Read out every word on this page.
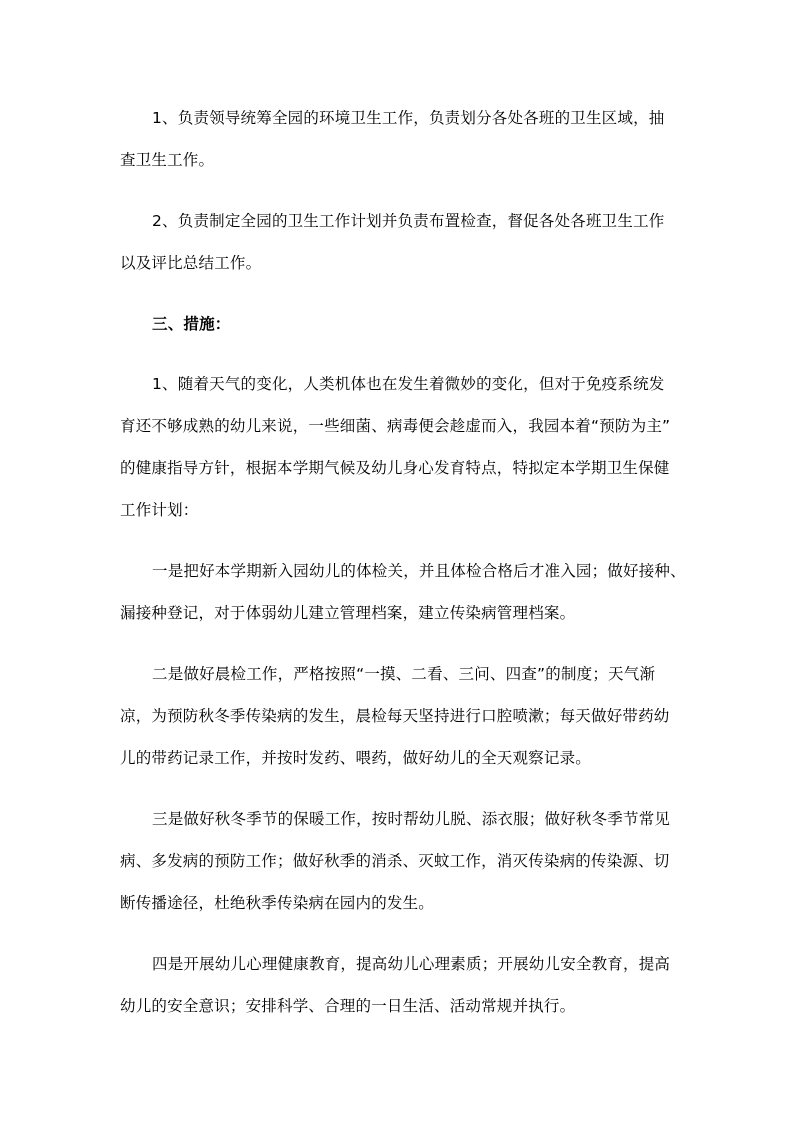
1、负责领导统筹全园的环境卫生工作，负责划分各处各班的卫生区域，抽
查卫生工作。
2、负责制定全园的卫生工作计划并负责布置检查，督促各处各班卫生工作
以及评比总结工作。
三、措施：
1、随着天气的变化，人类机体也在发生着微妙的变化，但对于免疫系统发
育还不够成熟的幼儿来说，一些细菌、病毒便会趁虚而入，我园本着“预防为主”
的健康指导方针，根据本学期气候及幼儿身心发育特点，特拟定本学期卫生保健
工作计划：
一是把好本学期新入园幼儿的体检关，并且体检合格后才准入园；做好接种、
漏接种登记，对于体弱幼儿建立管理档案，建立传染病管理档案。
二是做好晨检工作，严格按照“一摸、二看、三问、四查”的制度；天气渐
凉，为预防秋冬季传染病的发生，晨检每天坚持进行口腔喷漱；每天做好带药幼
儿的带药记录工作，并按时发药、喂药，做好幼儿的全天观察记录。
三是做好秋冬季节的保暖工作，按时帮幼儿脱、添衣服；做好秋冬季节常见
病、多发病的预防工作；做好秋季的消杀、灭蚊工作，消灭传染病的传染源、切
断传播途径，杜绝秋季传染病在园内的发生。
四是开展幼儿心理健康教育，提高幼儿心理素质；开展幼儿安全教育，提高
幼儿的安全意识；安排科学、合理的一日生活、活动常规并执行。
